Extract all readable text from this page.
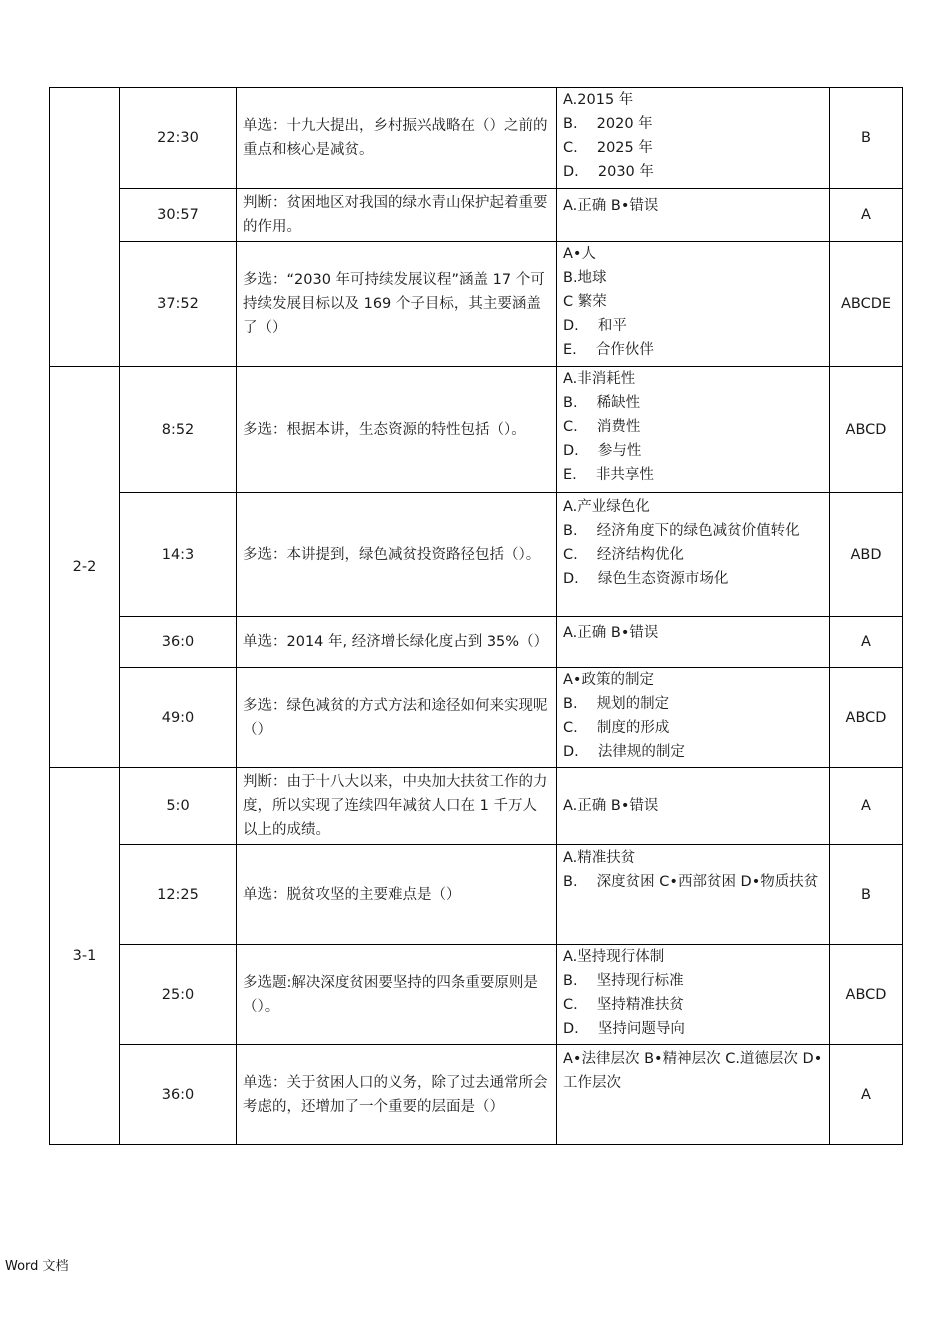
	22:30	单选：十九大提出，乡村振兴战略在（）之前的重点和核心是减贫。	A.2015 年
B.　 2020 年
C.　 2025 年
D.　 2030 年	B
	30:57	判断：贫困地区对我国的绿水青山保护起着重要的作用。	A.正确 B•错误	A
	37:52	多选：“2030 年可持续发展议程”涵盖 17 个可持续发展目标以及 169 个子目标，其主要涵盖了（）	A•人
B.地球
C 繁荣
D.　 和平
E.　 合作伙伴	ABCDE
2-2	8:52	多选：根据本讲，生态资源的特性包括（）。	A.非消耗性
B.　 稀缺性
C.　 消费性
D.　 参与性
E.　 非共享性	ABCD
	14:3	多选：本讲提到，绿色减贫投资路径包括（）。	A.产业绿色化
B.　 经济角度下的绿色减贫价值转化
C.　 经济结构优化
D.　 绿色生态资源市场化	ABD
	36:0	单选：2014 年, 经济增长绿化度占到 35%（）	A.正确 B•错误	A
	49:0	多选：绿色减贫的方式方法和途径如何来实现呢（）	A•政策的制定
B.　 规划的制定
C.　 制度的形成
D.　 法律规的制定	ABCD
3-1	5:0	判断：由于十八大以来，中央加大扶贫工作的力度，所以实现了连续四年减贫人口在 1 千万人以上的成绩。	A.正确 B•错误	A
	12:25	单选：脱贫攻坚的主要难点是（）	A.精准扶贫
B.　 深度贫困 C•西部贫困 D•物质扶贫	B
	25:0	多选题:解决深度贫困要坚持的四条重要原则是（）。	A.坚持现行体制
B.　 坚持现行标准
C.　 坚持精准扶贫
D.　 坚持问题导向	ABCD
	36:0	单选：关于贫困人口的义务，除了过去通常所会考虑的，还增加了一个重要的层面是（）	A•法律层次 B•精神层次 C.道德层次 D•工作层次	A
Word 文档
